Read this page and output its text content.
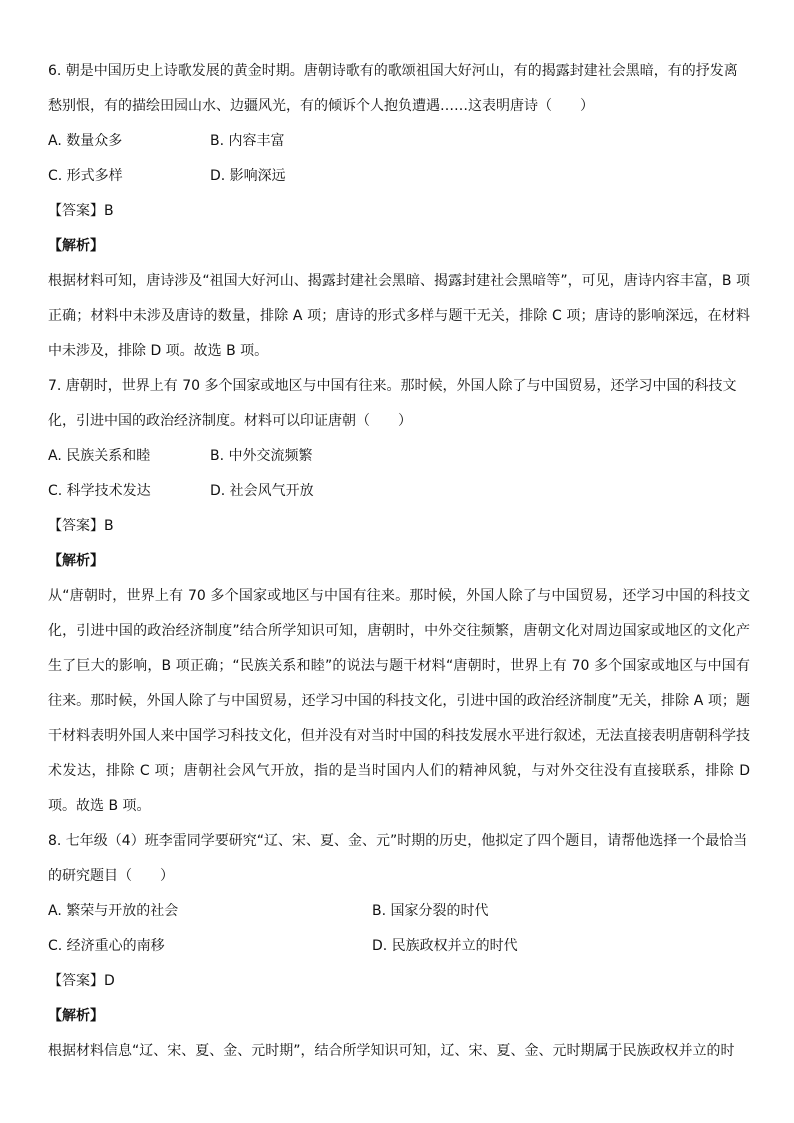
6. 朝是中国历史上诗歌发展的黄金时期。唐朝诗歌有的歌颂祖国大好河山，有的揭露封建社会黑暗，有的抒发离愁别恨，有的描绘田园山水、边疆风光，有的倾诉个人抱负遭遇……这表明唐诗（　　）
A. 数量众多	B. 内容丰富
C. 形式多样	D. 影响深远
【答案】B
【解析】
根据材料可知，唐诗涉及“祖国大好河山、揭露封建社会黑暗、揭露封建社会黑暗等”，可见，唐诗内容丰富，B 项正确；材料中未涉及唐诗的数量，排除 A 项；唐诗的形式多样与题干无关，排除 C 项；唐诗的影响深远，在材料中未涉及，排除 D 项。故选 B 项。
7. 唐朝时，世界上有 70 多个国家或地区与中国有往来。那时候，外国人除了与中国贸易，还学习中国的科技文化，引进中国的政治经济制度。材料可以印证唐朝（　　）
A. 民族关系和睦	B. 中外交流频繁
C. 科学技术发达	D. 社会风气开放
【答案】B
【解析】
从“唐朝时，世界上有 70 多个国家或地区与中国有往来。那时候，外国人除了与中国贸易，还学习中国的科技文化，引进中国的政治经济制度”结合所学知识可知，唐朝时，中外交往频繁，唐朝文化对周边国家或地区的文化产生了巨大的影响，B 项正确；“民族关系和睦”的说法与题干材料“唐朝时，世界上有 70 多个国家或地区与中国有往来。那时候，外国人除了与中国贸易，还学习中国的科技文化，引进中国的政治经济制度”无关，排除 A 项；题干材料表明外国人来中国学习科技文化，但并没有对当时中国的科技发展水平进行叙述，无法直接表明唐朝科学技术发达，排除 C 项；唐朝社会风气开放，指的是当时国内人们的精神风貌，与对外交往没有直接联系，排除 D 项。故选 B 项。
8. 七年级（4）班李雷同学要研究“辽、宋、夏、金、元”时期的历史，他拟定了四个题目，请帮他选择一个最恰当的研究题目（　　）
A. 繁荣与开放的社会	B. 国家分裂的时代
C. 经济重心的南移	D. 民族政权并立的时代
【答案】D
【解析】
根据材料信息“辽、宋、夏、金、元时期”，结合所学知识可知，辽、宋、夏、金、元时期属于民族政权并立的时
